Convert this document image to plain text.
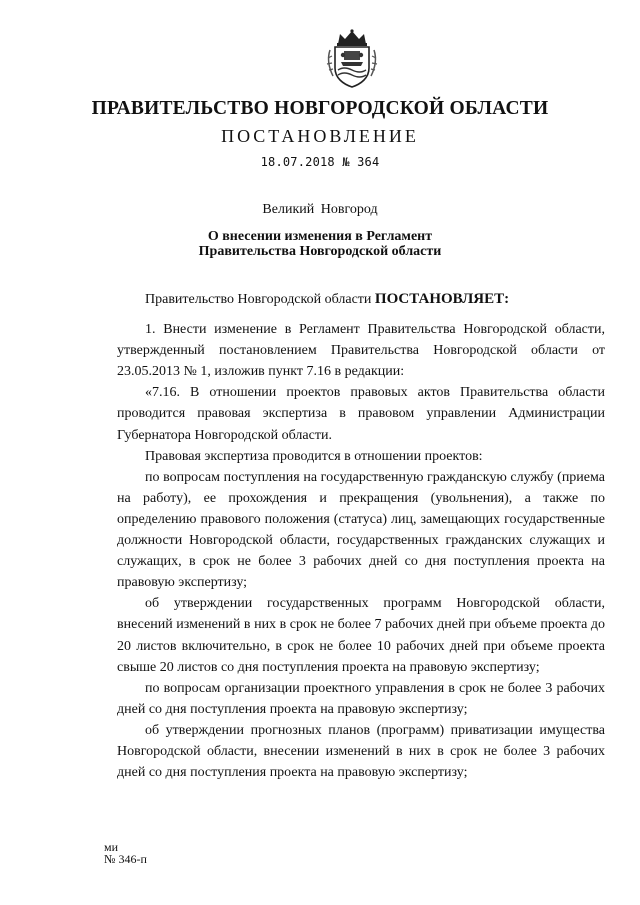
ПРАВИТЕЛЬСТВО НОВГОРОДСКОЙ ОБЛАСТИ
ПОСТАНОВЛЕНИЕ
18.07.2018 № 364
Великий Новгород
О внесении изменения в Регламент
Правительства Новгородской области

Правительство Новгородской области ПОСТАНОВЛЯЕТ:

1. Внести изменение в Регламент Правительства Новгородской области, утвержденный постановлением Правительства Новгородской области от 23.05.2013 № 1, изложив пункт 7.16 в редакции:

«7.16. В отношении проектов правовых актов Правительства области проводится правовая экспертиза в правовом управлении Администрации Губернатора Новгородской области.

Правовая экспертиза проводится в отношении проектов:

по вопросам поступления на государственную гражданскую службу (приема на работу), ее прохождения и прекращения (увольнения), а также по определению правового положения (статуса) лиц, замещающих государственные должности Новгородской области, государственных гражданских служащих и служащих, в срок не более 3 рабочих дней со дня поступления проекта на правовую экспертизу;

об утверждении государственных программ Новгородской области, внесений изменений в них в срок не более 7 рабочих дней при объеме проекта до 20 листов включительно, в срок не более 10 рабочих дней при объеме проекта свыше 20 листов со дня поступления проекта на правовую экспертизу;

по вопросам организации проектного управления в срок не более 3 рабочих дней со дня поступления проекта на правовую экспертизу;

об утверждении прогнозных планов (программ) приватизации имущества Новгородской области, внесении изменений в них в срок не более 3 рабочих дней со дня поступления проекта на правовую экспертизу;

ми
№ 346-п
